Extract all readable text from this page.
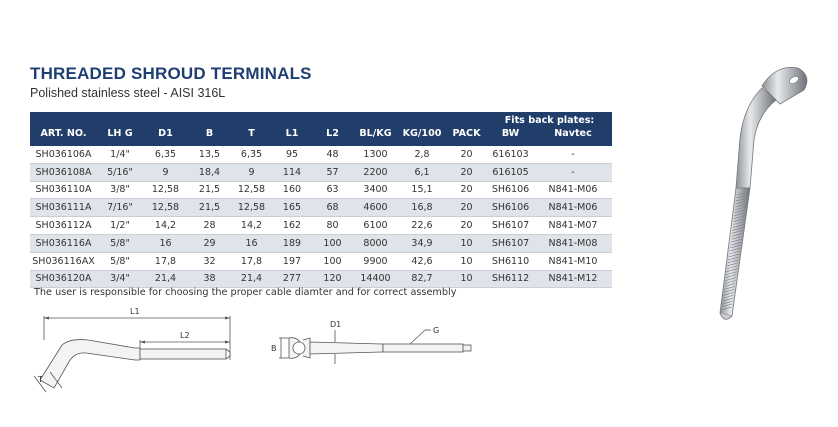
THREADED SHROUD TERMINALS
Polished stainless steel - AISI 316L
										Fits back plates:	
ART. NO.	LH G	D1	B	T	L1	L2	BL/KG	KG/100	PACK	BW	Navtec
SH036106A	1/4"	6,35	13,5	6,35	95	48	1300	2,8	20	616103	-
SH036108A	5/16"	9	18,4	9	114	57	2200	6,1	20	616105	-
SH036110A	3/8"	12,58	21,5	12,58	160	63	3400	15,1	20	SH6106	N841-M06
SH036111A	7/16"	12,58	21,5	12,58	165	68	4600	16,8	20	SH6106	N841-M06
SH036112A	1/2"	14,2	28	14,2	162	80	6100	22,6	20	SH6107	N841-M07
SH036116A	5/8"	16	29	16	189	100	8000	34,9	10	SH6107	N841-M08
SH036116AX	5/8"	17,8	32	17,8	197	100	9900	42,6	10	SH6110	N841-M10
SH036120A	3/4"	21,4	38	21,4	277	120	14400	82,7	10	SH6112	N841-M12
The user is responsible for choosing the proper cable diamter and for correct assembly
L1
L2
T
D1
G
B
